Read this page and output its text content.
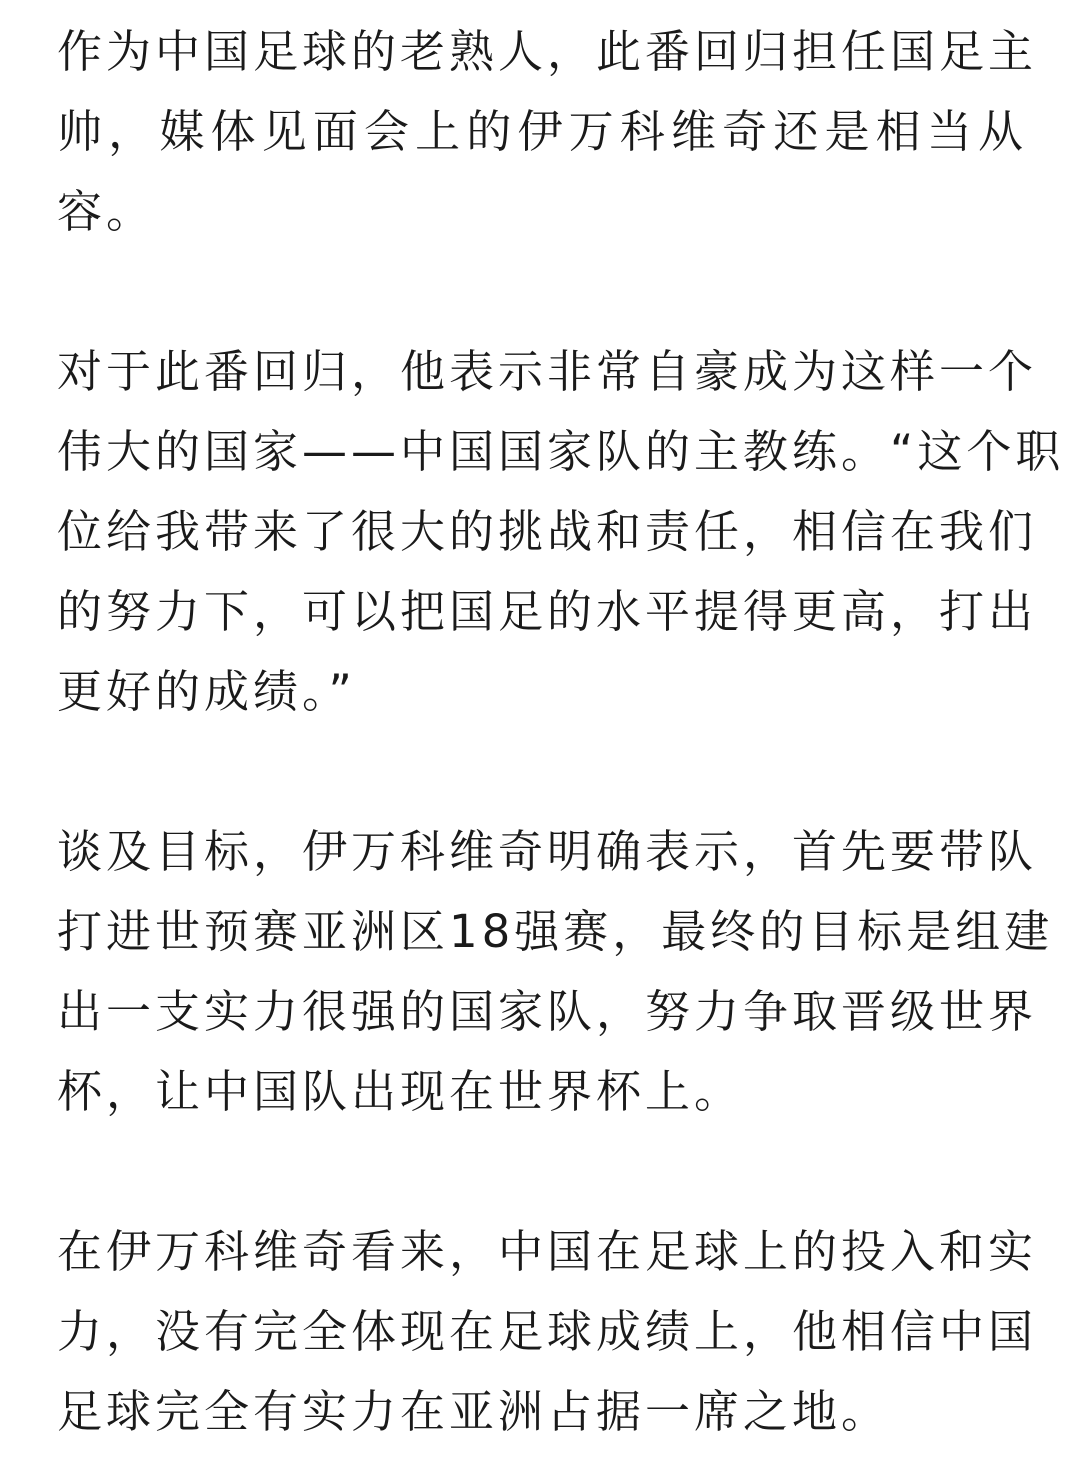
作为中国足球的老熟人，此番回归担任国足主
帅，媒体见面会上的伊万科维奇还是相当从
容。

对于此番回归，他表示非常自豪成为这样一个
伟大的国家——中国国家队的主教练。“这个职
位给我带来了很大的挑战和责任，相信在我们
的努力下，可以把国足的水平提得更高，打出
更好的成绩。”

谈及目标，伊万科维奇明确表示，首先要带队
打进世预赛亚洲区18强赛，最终的目标是组建
出一支实力很强的国家队，努力争取晋级世界
杯，让中国队出现在世界杯上。

在伊万科维奇看来，中国在足球上的投入和实
力，没有完全体现在足球成绩上，他相信中国
足球完全有实力在亚洲占据一席之地。
